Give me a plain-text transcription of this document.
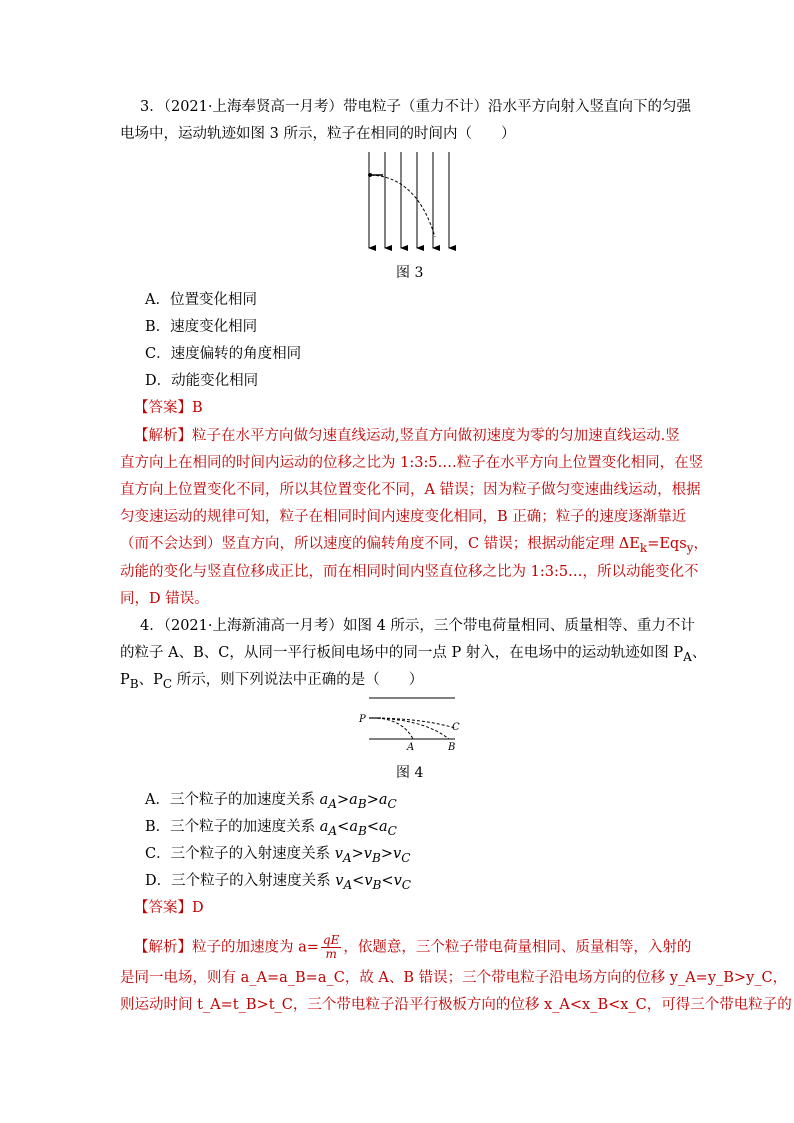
3．（2021·上海奉贤高一月考）带电粒子（重力不计）沿水平方向射入竖直向下的匀强
电场中，运动轨迹如图 3 所示，粒子在相同的时间内（　　）
图 3
A．位置变化相同
B．速度变化相同
C．速度偏转的角度相同
D．动能变化相同
【答案】B
【解析】粒子在水平方向做匀速直线运动,竖直方向做初速度为零的匀加速直线运动.竖
直方向上在相同的时间内运动的位移之比为 1:3:5….粒子在水平方向上位置变化相同，在竖
直方向上位置变化不同，所以其位置变化不同，A 错误；因为粒子做匀变速曲线运动，根据
匀变速运动的规律可知，粒子在相同时间内速度变化相同，B 正确；粒子的速度逐渐靠近
（而不会达到）竖直方向，所以速度的偏转角度不同，C 错误；根据动能定理 $\Delta E_k=Eqs_y$，
动能的变化与竖直位移成正比，而在相同时间内竖直位移之比为 1:3:5…，所以动能变化不
同，D 错误。
4．（2021·上海新浦高一月考）如图 4 所示，三个带电荷量相同、质量相等、重力不计
的粒子 A、B、C，从同一平行板间电场中的同一点 P 射入，在电场中的运动轨迹如图 $P_A$、
$P_B$、$P_C$ 所示，则下列说法中正确的是（　　）
P
A	B
C
图 4
A．三个粒子的加速度关系 $a_A>a_B>a_C$
B．三个粒子的加速度关系 $a_A<a_B<a_C$
C．三个粒子的入射速度关系 $v_A>v_B>v_C$
D．三个粒子的入射速度关系 $v_A<v_B<v_C$
【答案】D
【解析】粒子的加速度为 $a= \frac{qE}{m}$ ，依题意，三个粒子带电荷量相同、质量相等，入射的
是同一电场，则有 a_A=a_B=a_C，故 A、B 错误；三个带电粒子沿电场方向的位移 y_A=y_B>y_C，
则运动时间 t_A=t_B>t_C，三个带电粒子沿平行极板方向的位移 x_A<x_B<x_C，可得三个带电粒子的
